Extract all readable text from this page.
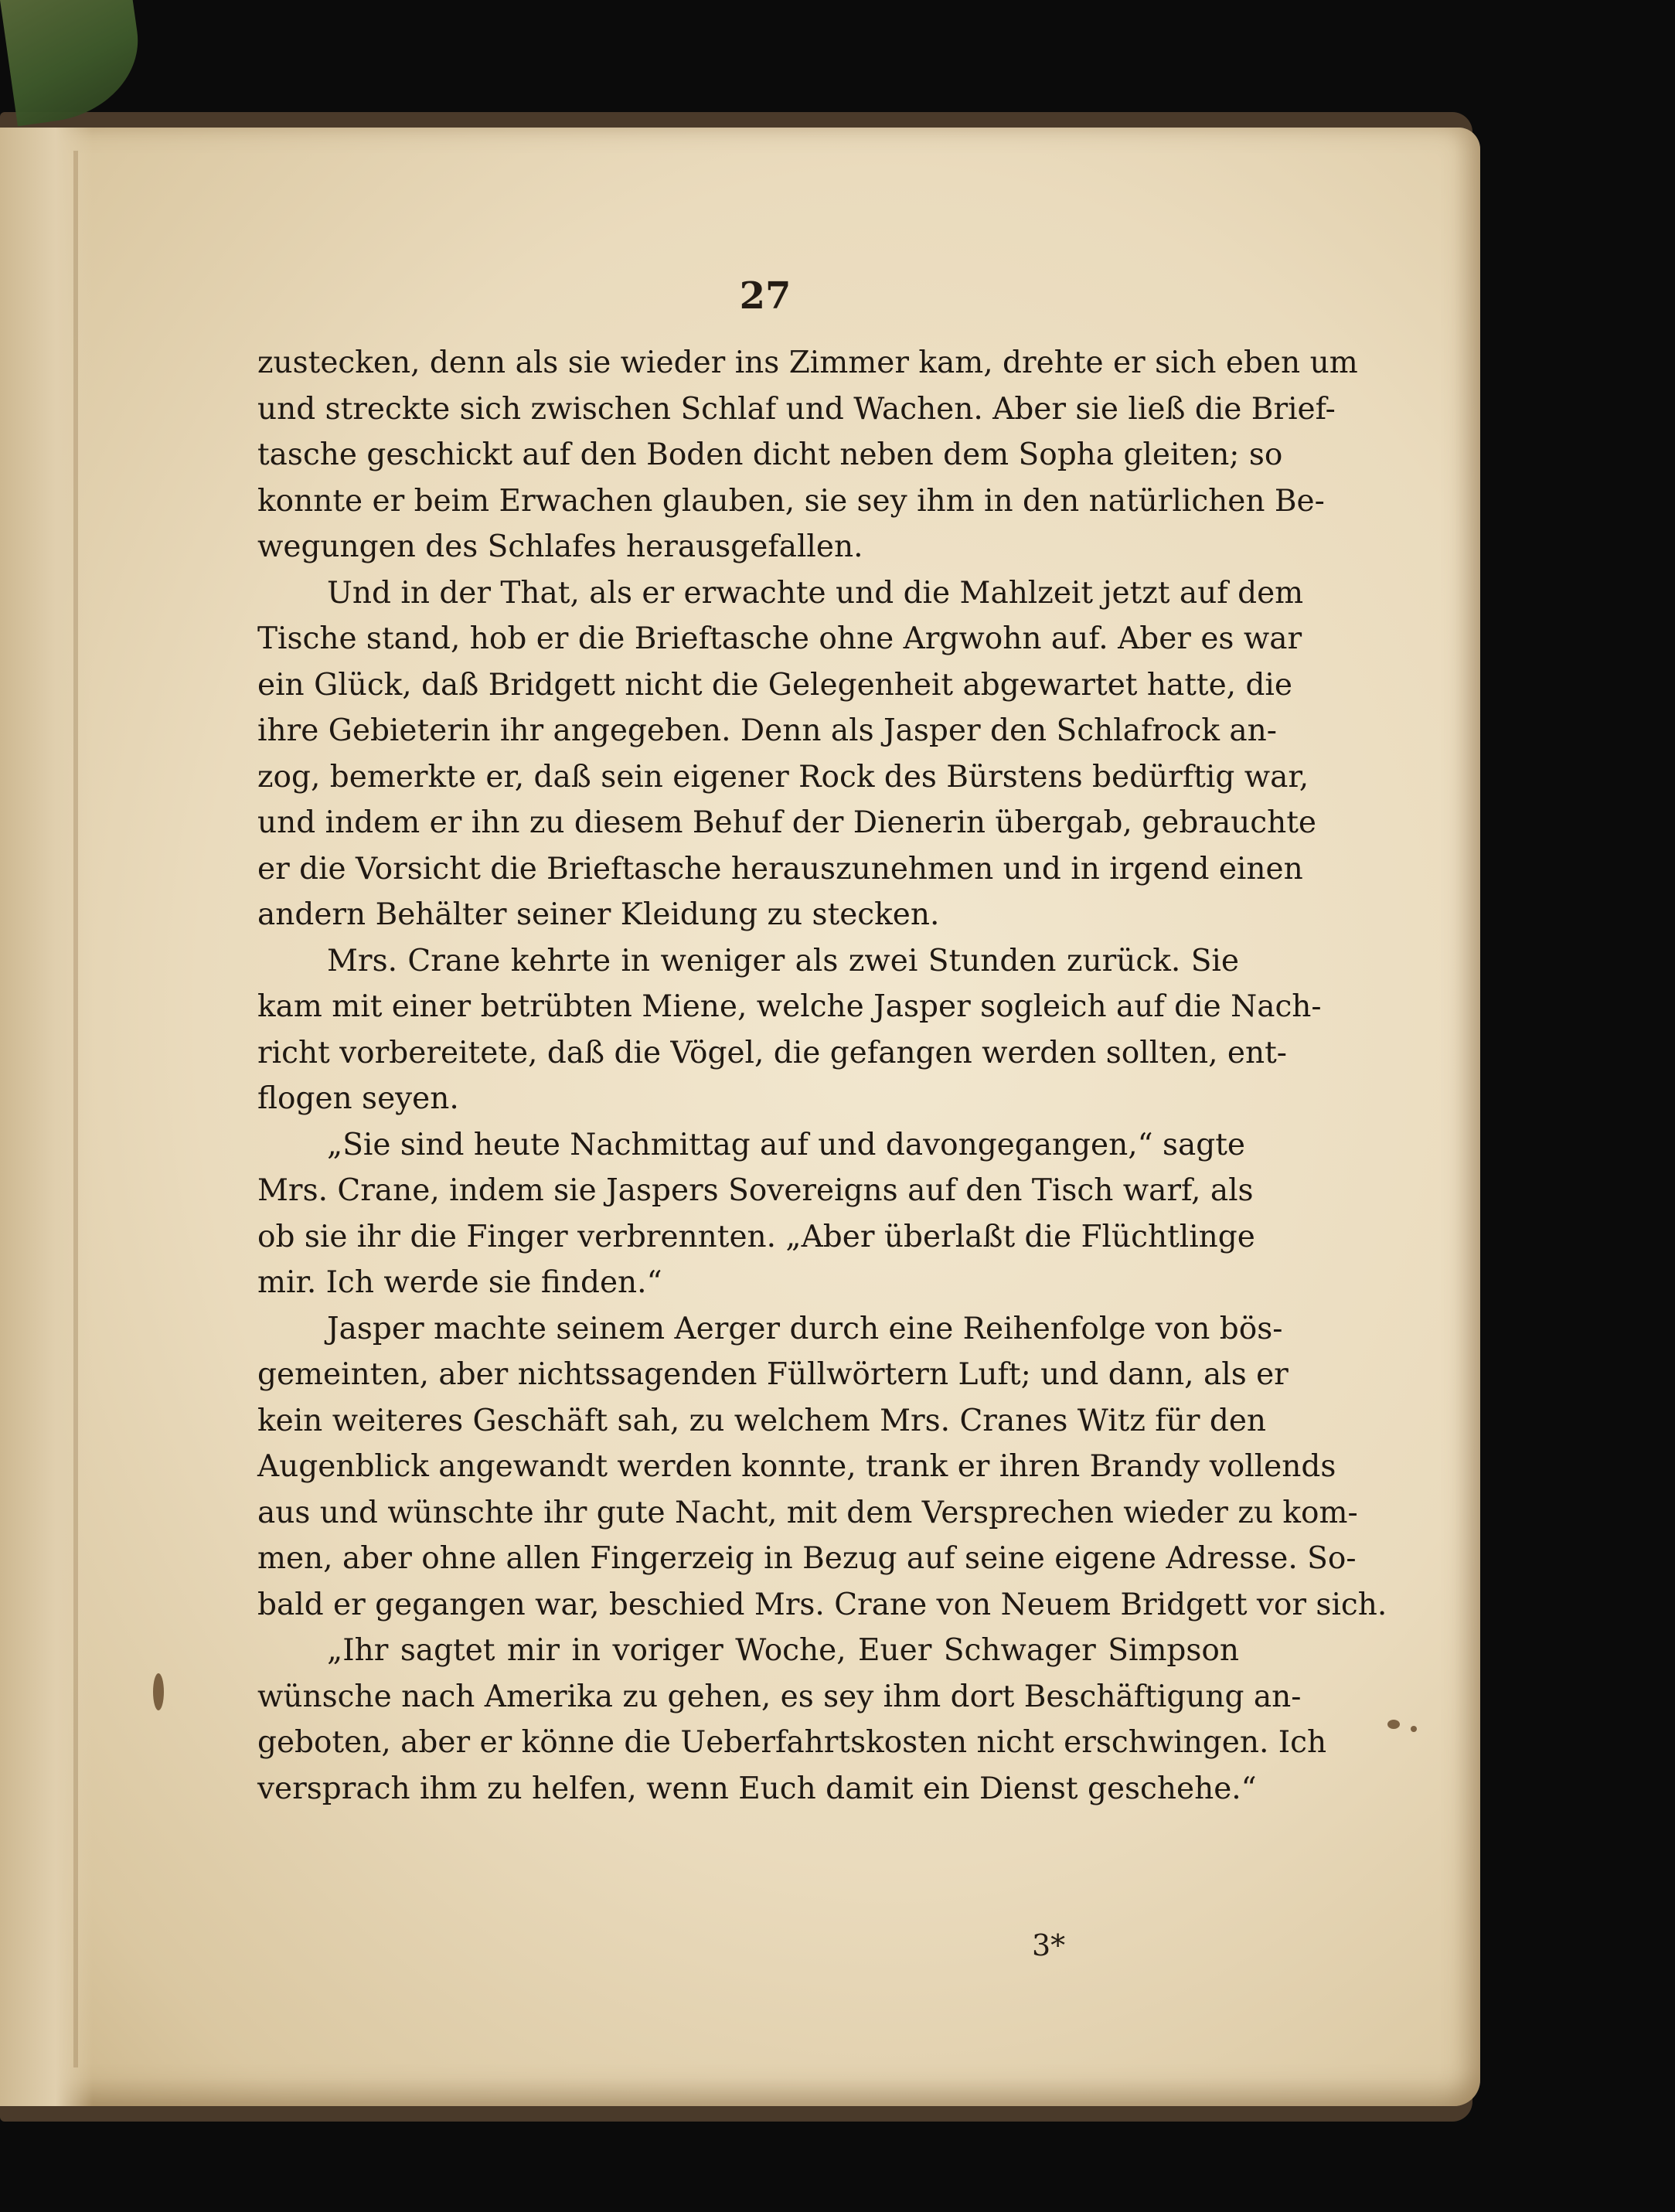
27
zustecken, denn als sie wieder ins Zimmer kam, drehte er sich eben um
und streckte sich zwischen Schlaf und Wachen. Aber sie ließ die Brief-
tasche geschickt auf den Boden dicht neben dem Sopha gleiten; so
konnte er beim Erwachen glauben, sie sey ihm in den natürlichen Be-
wegungen des Schlafes herausgefallen.
Und in der That, als er erwachte und die Mahlzeit jetzt auf dem
Tische stand, hob er die Brieftasche ohne Argwohn auf. Aber es war
ein Glück, daß Bridgett nicht die Gelegenheit abgewartet hatte, die
ihre Gebieterin ihr angegeben. Denn als Jasper den Schlafrock an-
zog, bemerkte er, daß sein eigener Rock des Bürstens bedürftig war,
und indem er ihn zu diesem Behuf der Dienerin übergab, gebrauchte
er die Vorsicht die Brieftasche herauszunehmen und in irgend einen
andern Behälter seiner Kleidung zu stecken.
Mrs. Crane kehrte in weniger als zwei Stunden zurück. Sie
kam mit einer betrübten Miene, welche Jasper sogleich auf die Nach-
richt vorbereitete, daß die Vögel, die gefangen werden sollten, ent-
flogen seyen.
„Sie sind heute Nachmittag auf und davongegangen,“ sagte
Mrs. Crane, indem sie Jaspers Sovereigns auf den Tisch warf, als
ob sie ihr die Finger verbrennten. „Aber überlaßt die Flüchtlinge
mir. Ich werde sie finden.“
Jasper machte seinem Aerger durch eine Reihenfolge von bös-
gemeinten, aber nichtssagenden Füllwörtern Luft; und dann, als er
kein weiteres Geschäft sah, zu welchem Mrs. Cranes Witz für den
Augenblick angewandt werden konnte, trank er ihren Brandy vollends
aus und wünschte ihr gute Nacht, mit dem Versprechen wieder zu kom-
men, aber ohne allen Fingerzeig in Bezug auf seine eigene Adresse. So-
bald er gegangen war, beschied Mrs. Crane von Neuem Bridgett vor sich.
„Ihr sagtet mir in voriger Woche, Euer Schwager Simpson
wünsche nach Amerika zu gehen, es sey ihm dort Beschäftigung an-
geboten, aber er könne die Ueberfahrtskosten nicht erschwingen. Ich
versprach ihm zu helfen, wenn Euch damit ein Dienst geschehe.“
3*
